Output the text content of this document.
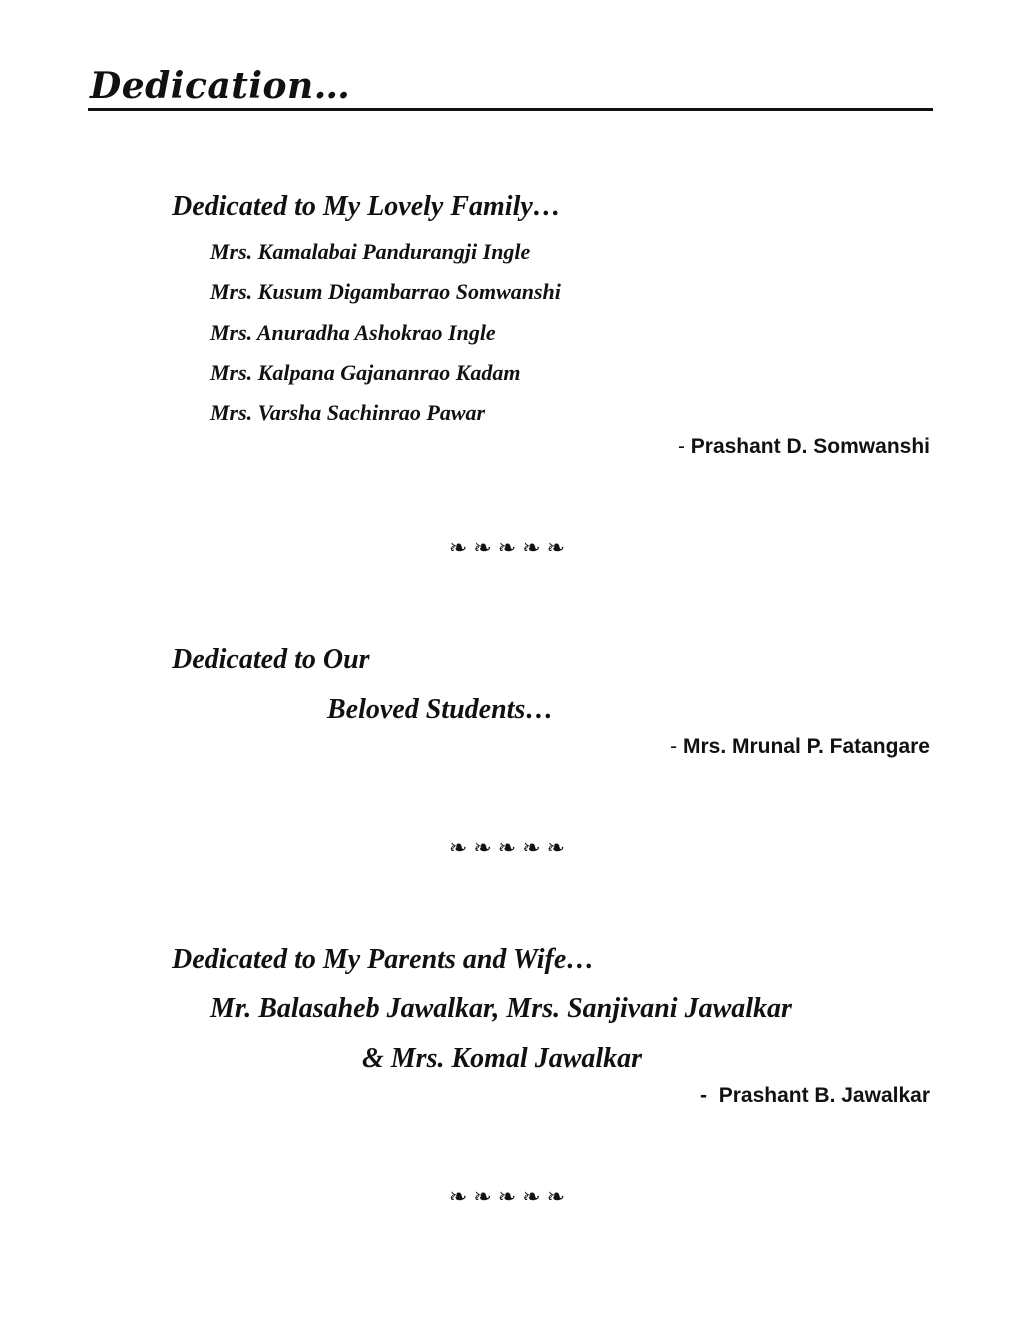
Dedication…
Dedicated to My Lovely Family…
Mrs. Kamalabai Pandurangji Ingle
Mrs. Kusum Digambarrao Somwanshi
Mrs. Anuradha Ashokrao Ingle
Mrs. Kalpana Gajananrao Kadam
Mrs. Varsha Sachinrao Pawar
- Prashant D. Somwanshi
❧❧❧❧❧
Dedicated to Our
Beloved Students…
- Mrs. Mrunal P. Fatangare
❧❧❧❧❧
Dedicated to My Parents and Wife…
Mr. Balasaheb Jawalkar, Mrs. Sanjivani Jawalkar
& Mrs. Komal Jawalkar
-  Prashant B. Jawalkar
❧❧❧❧❧
